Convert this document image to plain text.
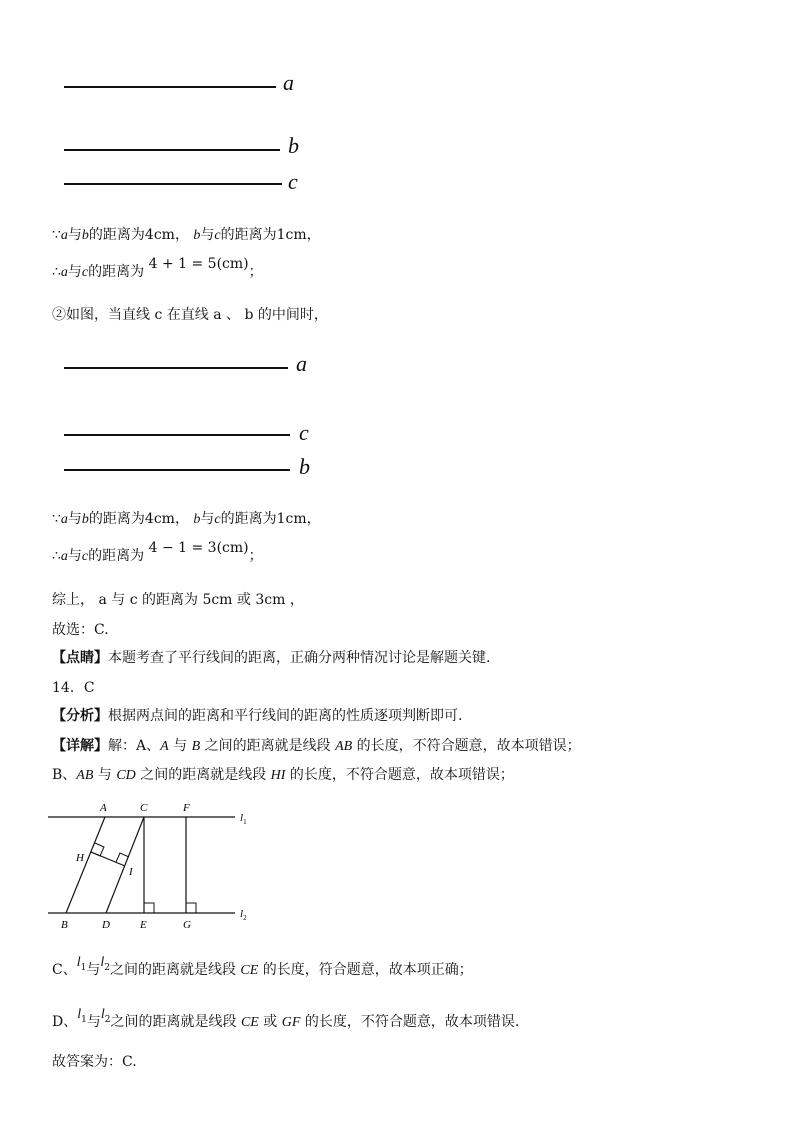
a
b
c
∵a与b的距离为4cm， b与c的距离为1cm，
∴a与c的距离为 4 + 1 = 5(cm)；
②如图，当直线 c 在直线 a 、 b 的中间时，
a
c
b
∵a与b的距离为4cm， b与c的距离为1cm，
∴a与c的距离为 4 − 1 = 3(cm)；
综上， a 与 c 的距离为 5cm 或 3cm ，
故选：C.
【点睛】本题考查了平行线间的距离，正确分两种情况讨论是解题关键.
14．C
【分析】根据两点间的距离和平行线间的距离的性质逐项判断即可.
【详解】解：A、A 与 B 之间的距离就是线段 AB 的长度，不符合题意，故本项错误；
B、AB 与 CD 之间的距离就是线段 HI 的长度，不符合题意，故本项错误；
A	C	F
B	D	E	G
H
I
$l_1$
$l_2$
C、$l_1$与$l_2$之间的距离就是线段 CE 的长度，符合题意，故本项正确；
D、$l_1$与$l_2$之间的距离就是线段 CE 或 GF 的长度，不符合题意，故本项错误.
故答案为：C.
